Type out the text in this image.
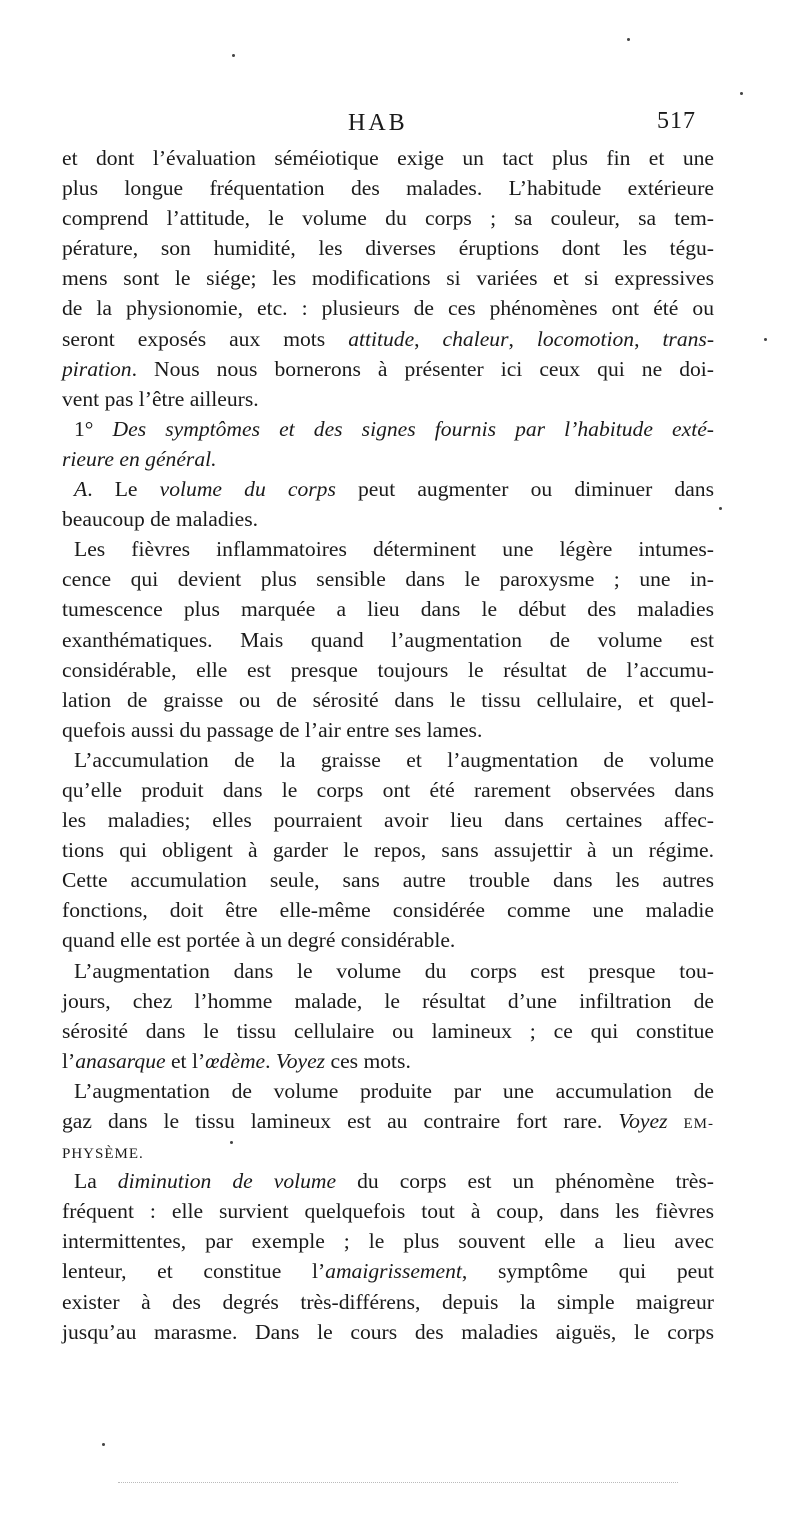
HAB	517
et dont l’évaluation séméiotique exige un tact plus fin et une
plus longue fréquentation des malades. L’habitude extérieure
comprend l’attitude, le volume du corps ; sa couleur, sa tem-
pérature, son humidité, les diverses éruptions dont les tégu-
mens sont le siége; les modifications si variées et si expressives
de la physionomie, etc. : plusieurs de ces phénomènes ont été ou
seront exposés aux mots attitude, chaleur, locomotion, trans-
piration. Nous nous bornerons à présenter ici ceux qui ne doi-
vent pas l’être ailleurs.
1° Des symptômes et des signes fournis par l’habitude exté-
rieure en général.
A. Le volume du corps peut augmenter ou diminuer dans
beaucoup de maladies.
Les fièvres inflammatoires déterminent une légère intumes-
cence qui devient plus sensible dans le paroxysme ; une in-
tumescence plus marquée a lieu dans le début des maladies
exanthématiques. Mais quand l’augmentation de volume est
considérable, elle est presque toujours le résultat de l’accumu-
lation de graisse ou de sérosité dans le tissu cellulaire, et quel-
quefois aussi du passage de l’air entre ses lames.
L’accumulation de la graisse et l’augmentation de volume
qu’elle produit dans le corps ont été rarement observées dans
les maladies; elles pourraient avoir lieu dans certaines affec-
tions qui obligent à garder le repos, sans assujettir à un régime.
Cette accumulation seule, sans autre trouble dans les autres
fonctions, doit être elle-même considérée comme une maladie
quand elle est portée à un degré considérable.
L’augmentation dans le volume du corps est presque tou-
jours, chez l’homme malade, le résultat d’une infiltration de
sérosité dans le tissu cellulaire ou lamineux ; ce qui constitue
l’anasarque et l’œdème. Voyez ces mots.
L’augmentation de volume produite par une accumulation de
gaz dans le tissu lamineux est au contraire fort rare. Voyez EM-
PHYSÈME.
La diminution de volume du corps est un phénomène très-
fréquent : elle survient quelquefois tout à coup, dans les fièvres
intermittentes, par exemple ; le plus souvent elle a lieu avec
lenteur, et constitue l’amaigrissement, symptôme qui peut
exister à des degrés très-différens, depuis la simple maigreur
jusqu’au marasme. Dans le cours des maladies aiguës, le corps
